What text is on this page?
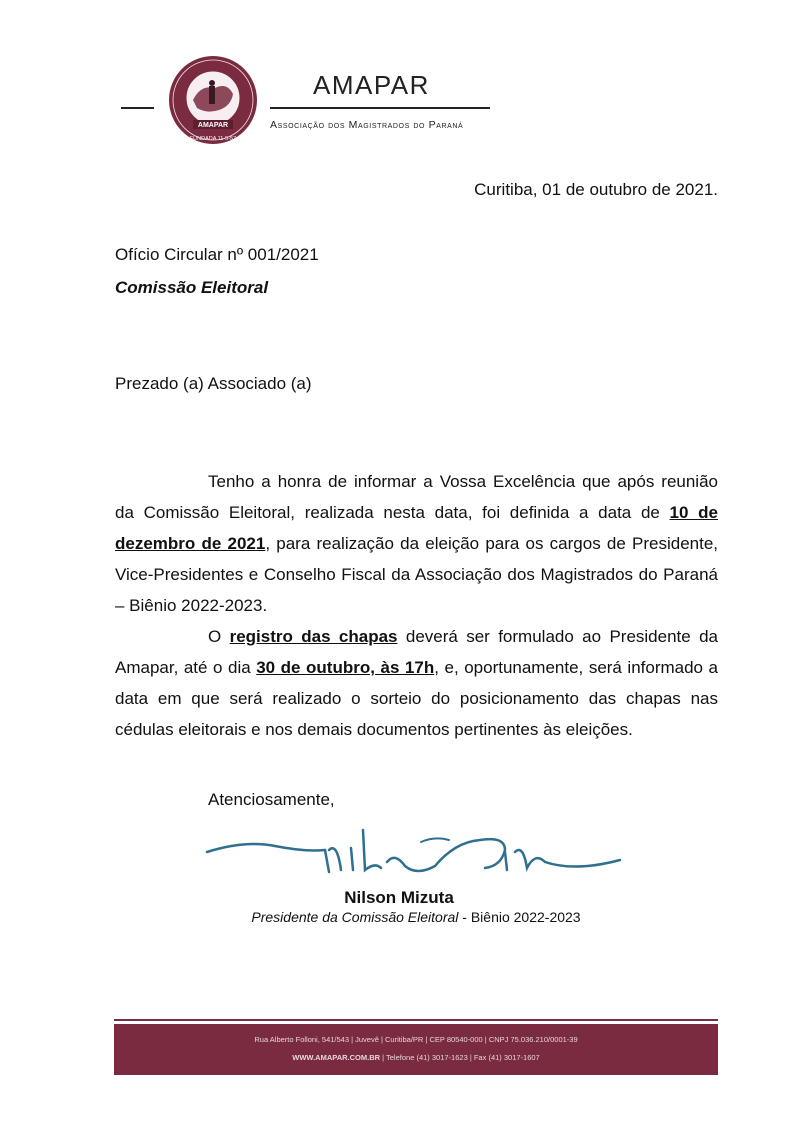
AMAPAR
FUNDADA 11-5-57
AMAPAR
Associação dos Magistrados do Paraná
Curitiba, 01 de outubro de 2021.
Ofício Circular nº 001/2021
Comissão Eleitoral
Prezado (a) Associado (a)

Tenho a honra de informar a Vossa Excelência que após reunião da Comissão Eleitoral, realizada nesta data, foi definida a data de 10 de dezembro de 2021, para realização da eleição para os cargos de Presidente, Vice-Presidentes e Conselho Fiscal da Associação dos Magistrados do Paraná – Biênio 2022-2023.

O registro das chapas deverá ser formulado ao Presidente da Amapar, até o dia 30 de outubro, às 17h, e, oportunamente, será informado a data em que será realizado o sorteio do posicionamento das chapas nas cédulas eleitorais e nos demais documentos pertinentes às eleições.

Atenciosamente,
Nilson Mizuta
Presidente da Comissão Eleitoral - Biênio 2022-2023
Rua Alberto Folloni, 541/543 | Juvevê | Curitiba/PR | CEP 80540-000 | CNPJ 75.036.210/0001-39
WWW.AMAPAR.COM.BR | Telefone (41) 3017-1623 | Fax (41) 3017-1607
